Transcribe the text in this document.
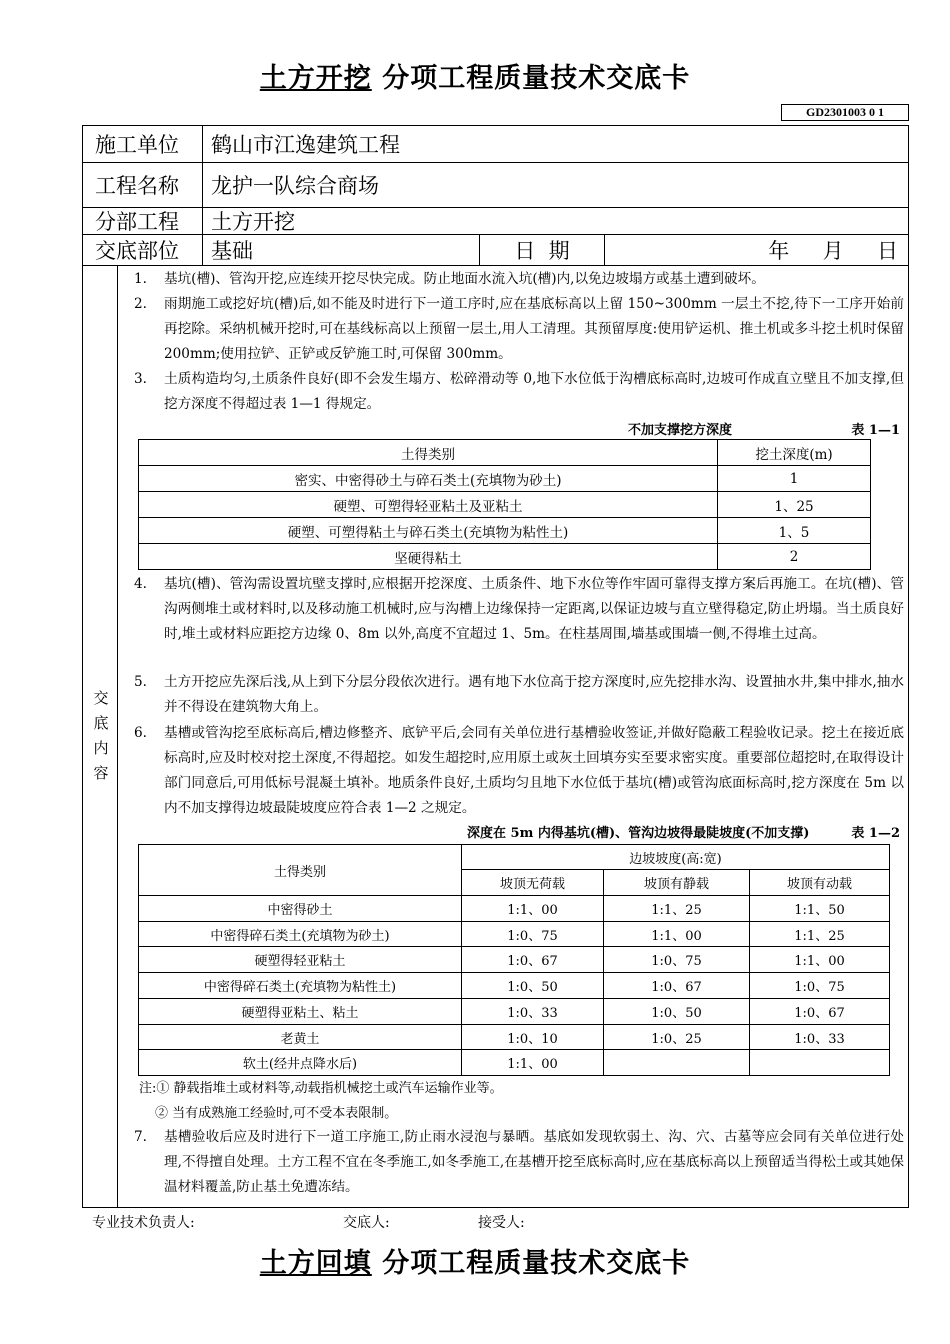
土方开挖 分项工程质量技术交底卡
GD2301003 0 1
施工单位	鹤山市江逸建筑工程
工程名称	龙护一队综合商场
分部工程	土方开挖
交底部位	基础	日  期	年     月     日
交底内容
1.	基坑(槽)、管沟开挖,应连续开挖尽快完成。防止地面水流入坑(槽)内,以免边坡塌方或基土遭到破坏。
2.	雨期施工或挖好坑(槽)后,如不能及时进行下一道工序时,应在基底标高以上留 150~300mm 一层土不挖,待下一工序开始前再挖除。采纳机械开挖时,可在基线标高以上预留一层土,用人工清理。其预留厚度:使用铲运机、推土机或多斗挖土机时保留 200mm;使用拉铲、正铲或反铲施工时,可保留 300mm。
3.	土质构造均匀,土质条件良好(即不会发生塌方、松碎滑动等 0,地下水位低于沟槽底标高时,边坡可作成直立壁且不加支撑,但挖方深度不得超过表 1—1 得规定。
不加支撑挖方深度	表 1—1
土得类别	挖土深度(m)
密实、中密得砂土与碎石类土(充填物为砂土)	1
硬塑、可塑得轻亚粘土及亚粘土	1、25
硬塑、可塑得粘土与碎石类土(充填物为粘性土)	1、5
坚硬得粘土	2
4.	基坑(槽)、管沟需设置坑壁支撑时,应根据开挖深度、土质条件、地下水位等作牢固可靠得支撑方案后再施工。在坑(槽)、管沟两侧堆土或材料时,以及移动施工机械时,应与沟槽上边缘保持一定距离,以保证边坡与直立壁得稳定,防止坍塌。当土质良好时,堆土或材料应距挖方边缘 0、8m 以外,高度不宜超过 1、5m。在柱基周围,墙基或围墙一侧,不得堆土过高。
5.	土方开挖应先深后浅,从上到下分层分段依次进行。遇有地下水位高于挖方深度时,应先挖排水沟、设置抽水井,集中排水,抽水并不得设在建筑物大角上。
6.	基槽或管沟挖至底标高后,槽边修整齐、底铲平后,会同有关单位进行基槽验收签证,并做好隐蔽工程验收记录。挖土在接近底标高时,应及时校对挖土深度,不得超挖。如发生超挖时,应用原土或灰土回填夯实至要求密实度。重要部位超挖时,在取得设计部门同意后,可用低标号混凝土填补。地质条件良好,土质均匀且地下水位低于基坑(槽)或管沟底面标高时,挖方深度在 5m 以内不加支撑得边坡最陡坡度应符合表 1—2 之规定。
深度在 5m 内得基坑(槽)、管沟边坡得最陡坡度(不加支撑)	表 1—2
土得类别	边坡坡度(高:宽)		
	坡顶无荷载	坡顶有静载	坡顶有动载
中密得砂土	1:1、00	1:1、25	1:1、50
中密得碎石类土(充填物为砂土)	1:0、75	1:1、00	1:1、25
硬塑得轻亚粘土	1:0、67	1:0、75	1:1、00
中密得碎石类土(充填物为粘性土)	1:0、50	1:0、67	1:0、75
硬塑得亚粘土、粘土	1:0、33	1:0、50	1:0、67
老黄土	1:0、10	1:0、25	1:0、33
软土(经井点降水后)	1:1、00		
注:① 静载指堆土或材料等,动载指机械挖土或汽车运输作业等。
② 当有成熟施工经验时,可不受本表限制。
7.	基槽验收后应及时进行下一道工序施工,防止雨水浸泡与暴晒。基底如发现软弱土、沟、穴、古墓等应会同有关单位进行处理,不得擅自处理。土方工程不宜在冬季施工,如冬季施工,在基槽开挖至底标高时,应在基底标高以上预留适当得松土或其她保温材料覆盖,防止基土免遭冻结。
专业技术负责人:	交底人:	接受人:
土方回填 分项工程质量技术交底卡
